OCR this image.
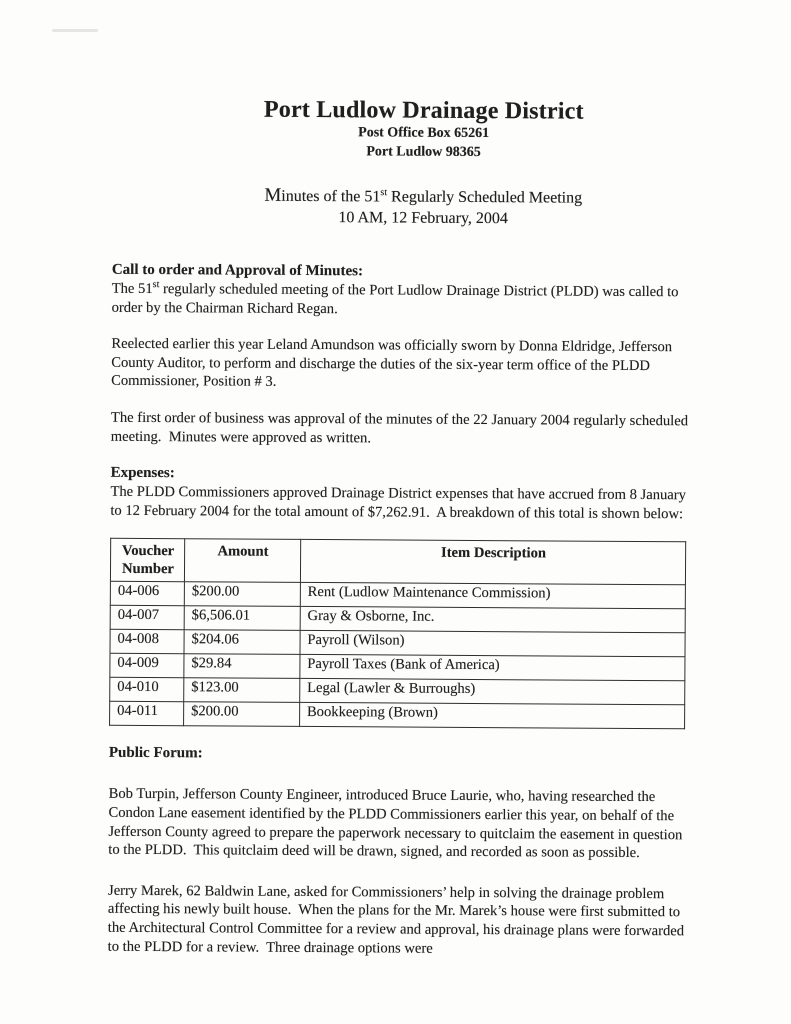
Port Ludlow Drainage District
Post Office Box 65261
Port Ludlow 98365
Minutes of the 51st Regularly Scheduled Meeting
10 AM, 12 February, 2004
Call to order and Approval of Minutes:

The 51st regularly scheduled meeting of the Port Ludlow Drainage District (PLDD) was called to order by the Chairman Richard Regan.

Reelected earlier this year Leland Amundson was officially sworn by Donna Eldridge, Jefferson County Auditor, to perform and discharge the duties of the six-year term office of the PLDD Commissioner, Position # 3.

The first order of business was approval of the minutes of the 22 January 2004 regularly scheduled meeting.  Minutes were approved as written.

Expenses:

The PLDD Commissioners approved Drainage District expenses that have accrued from 8 January to 12 February 2004 for the total amount of $7,262.91.  A breakdown of this total is shown below:

Voucher Number	Amount	Item Description
04-006	$200.00	Rent (Ludlow Maintenance Commission)
04-007	$6,506.01	Gray & Osborne, Inc.
04-008	$204.06	Payroll (Wilson)
04-009	$29.84	Payroll Taxes (Bank of America)
04-010	$123.00	Legal (Lawler & Burroughs)
04-011	$200.00	Bookkeeping (Brown)
Public Forum:

Bob Turpin, Jefferson County Engineer, introduced Bruce Laurie, who, having researched the Condon Lane easement identified by the PLDD Commissioners earlier this year, on behalf of the Jefferson County agreed to prepare the paperwork necessary to quitclaim the easement in question to the PLDD.  This quitclaim deed will be drawn, signed, and recorded as soon as possible.

Jerry Marek, 62 Baldwin Lane, asked for Commissioners’ help in solving the drainage problem affecting his newly built house.  When the plans for the Mr. Marek’s house were first submitted to the Architectural Control Committee for a review and approval, his drainage plans were forwarded to the PLDD for a review.  Three drainage options were
